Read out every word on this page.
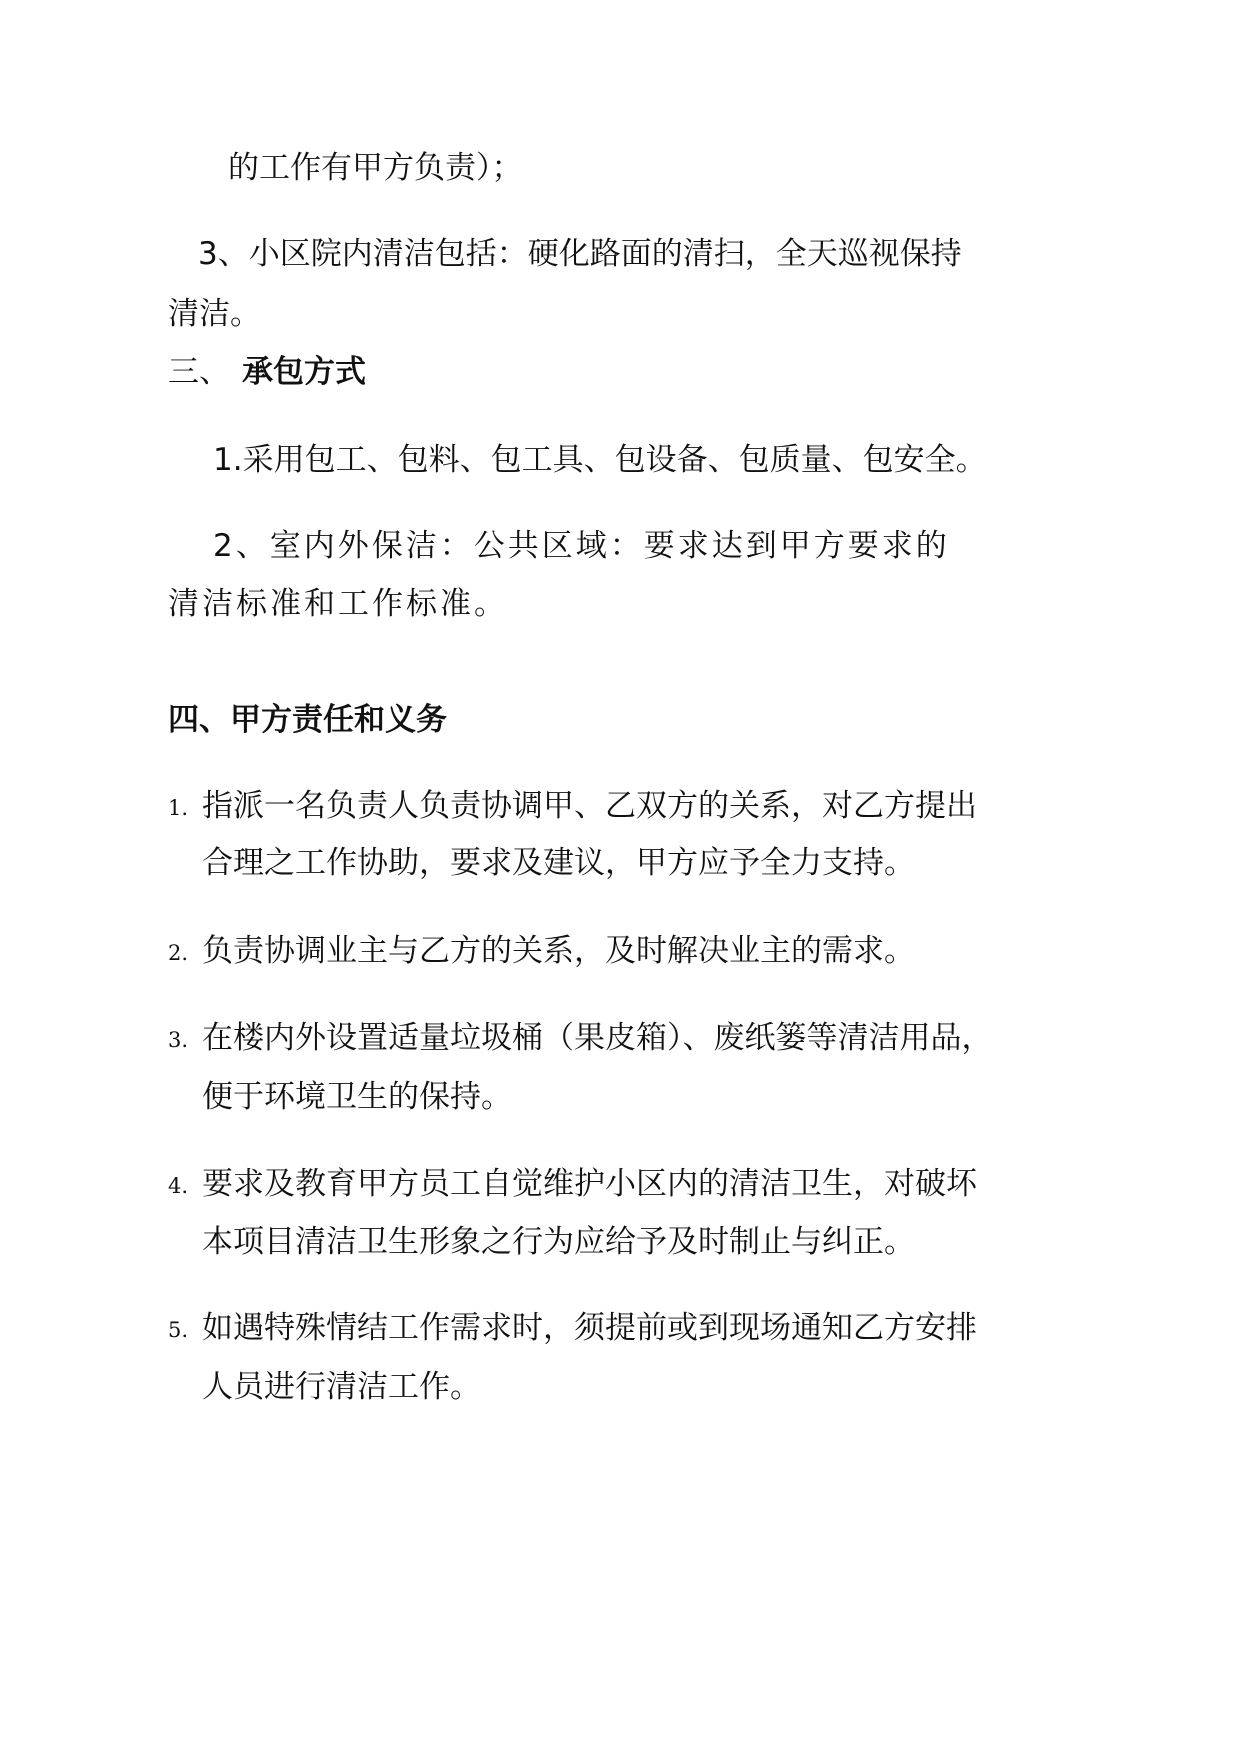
的工作有甲方负责）；
3、小区院内清洁包括：硬化路面的清扫，全天巡视保持
清洁。
三、 承包方式
1.采用包工、包料、包工具、包设备、包质量、包安全。
2、室内外保洁：公共区域：要求达到甲方要求的
清洁标准和工作标准。
四、甲方责任和义务
1. 指派一名负责人负责协调甲、乙双方的关系，对乙方提出
合理之工作协助，要求及建议，甲方应予全力支持。
2. 负责协调业主与乙方的关系，及时解决业主的需求。
3. 在楼内外设置适量垃圾桶（果皮箱）、废纸篓等清洁用品，
便于环境卫生的保持。
4. 要求及教育甲方员工自觉维护小区内的清洁卫生，对破坏
本项目清洁卫生形象之行为应给予及时制止与纠正。
5. 如遇特殊情结工作需求时，须提前或到现场通知乙方安排
人员进行清洁工作。
